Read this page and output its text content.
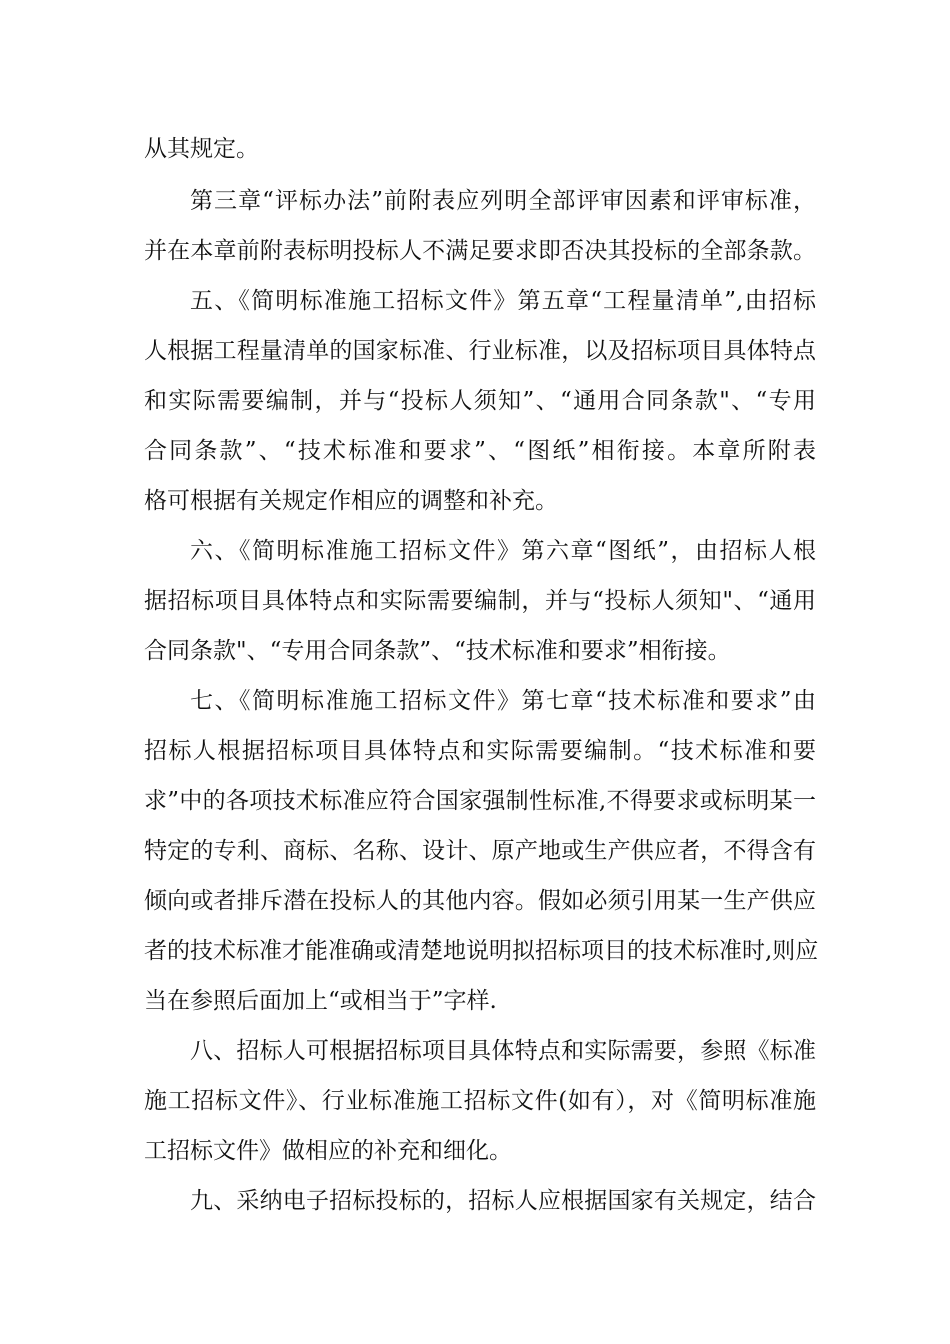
从其规定。
第三章“评标办法”前附表应列明全部评审因素和评审标准，
并在本章前附表标明投标人不满足要求即否决其投标的全部条款。
五、《简明标准施工招标文件》第五章“工程量清单”,由招标
人根据工程量清单的国家标准、行业标准，以及招标项目具体特点
和实际需要编制，并与“投标人须知”、“通用合同条款"、“专用
合同条款”、“技术标准和要求”、“图纸”相衔接。本章所附表
格可根据有关规定作相应的调整和补充。
六、《简明标准施工招标文件》第六章“图纸”，由招标人根
据招标项目具体特点和实际需要编制，并与“投标人须知"、“通用
合同条款"、“专用合同条款”、“技术标准和要求”相衔接。
七、《简明标准施工招标文件》第七章“技术标准和要求”由
招标人根据招标项目具体特点和实际需要编制。“技术标准和要
求”中的各项技术标准应符合国家强制性标准,不得要求或标明某一
特定的专利、商标、名称、设计、原产地或生产供应者，不得含有
倾向或者排斥潜在投标人的其他内容。假如必须引用某一生产供应
者的技术标准才能准确或清楚地说明拟招标项目的技术标准时,则应
当在参照后面加上“或相当于”字样.
八、招标人可根据招标项目具体特点和实际需要，参照《标准
施工招标文件》、行业标准施工招标文件(如有），对《简明标准施
工招标文件》做相应的补充和细化。
九、采纳电子招标投标的，招标人应根据国家有关规定，结合
